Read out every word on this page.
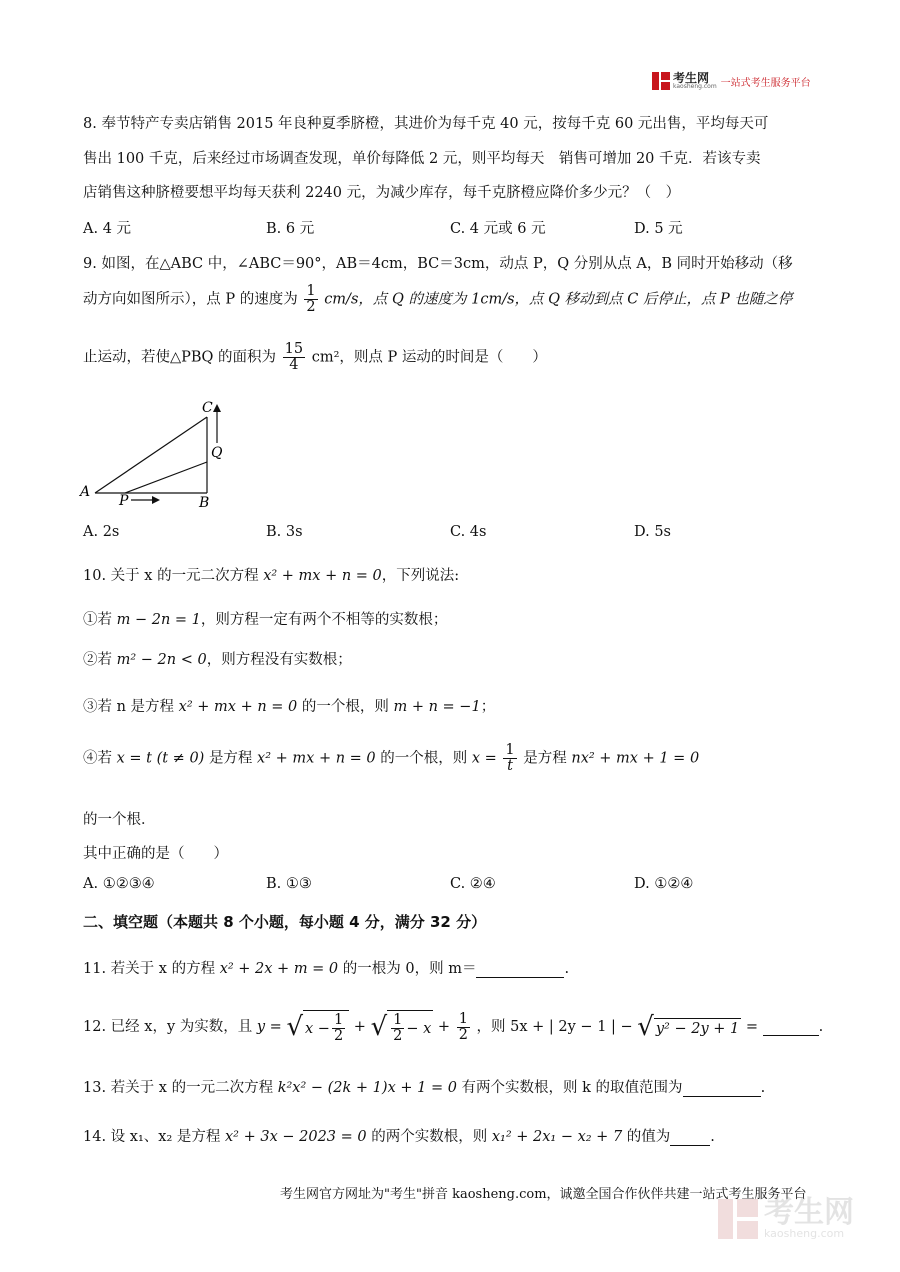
考生网
kaosheng.com 一站式考生服务平台
8. 奉节特产专卖店销售 2015 年良种夏季脐橙，其进价为每千克 40 元，按每千克 60 元出售，平均每天可
售出 100 千克，后来经过市场调查发现，单价每降低 2 元，则平均每天　销售可增加 20 千克．若该专卖
店销售这种脐橙要想平均每天获利 2240 元，为减少库存，每千克脐橙应降价多少元？（　）
A. 4 元	B. 6 元	C. 4 元或 6 元	D. 5 元
9. 如图，在△ABC 中，∠ABC＝90°，AB＝4cm，BC＝3cm，动点 P，Q 分别从点 A，B 同时开始移动（移
动方向如图所示），点 P 的速度为 $\frac{1}{2} cm/s$，点 Q 的速度为 1cm/s，点 Q 移动到点 C 后停止，点 P 也随之停
止运动，若使△PBQ 的面积为 $\frac{15}{4} cm^2$，则点 P 运动的时间是（　　）
A
B
C
P
Q
A. 2s	B. 3s	C. 4s	D. 5s
10. 关于 x 的一元二次方程 x² + mx + n = 0，下列说法:
①若 m − 2n = 1，则方程一定有两个不相等的实数根；
②若 m² − 2n < 0，则方程没有实数根；
③若 n 是方程 x² + mx + n = 0 的一个根，则 m + n = −1；
④若 x = t (t ≠ 0) 是方程 x² + mx + n = 0 的一个根，则 $x = \frac{1}{t}$ 是方程 nx² + mx + 1 = 0
的一个根．
其中正确的是（　　）
A. ①②③④	B. ①③	C. ②④	D. ①②④
二、填空题（本题共 8 个小题，每小题 4 分，满分 32 分）
11. 若关于 x 的方程 x² + 2x + m = 0 的一根为 0，则 m＝	.
12. 已经 x，y 为实数，且 y = √ $x - \frac{1}{2}$ + √ $\frac{1}{2} - x + \frac{1}{2}$ ，则 5x + | 2y − 1 | − √ y² − 2y + 1 =	.
13. 若关于 x 的一元二次方程 k²x² − (2k + 1)x + 1 = 0 有两个实数根，则 k 的取值范围为	.
14. 设 x₁、x₂ 是方程 x² + 3x − 2023 = 0 的两个实数根，则 x₁² + 2x₁ − x₂ + 7 的值为	.
考生网官方网址为"考生"拼音 kaosheng.com，诚邀全国合作伙伴共建一站式考生服务平台
考生网
kaosheng.com
